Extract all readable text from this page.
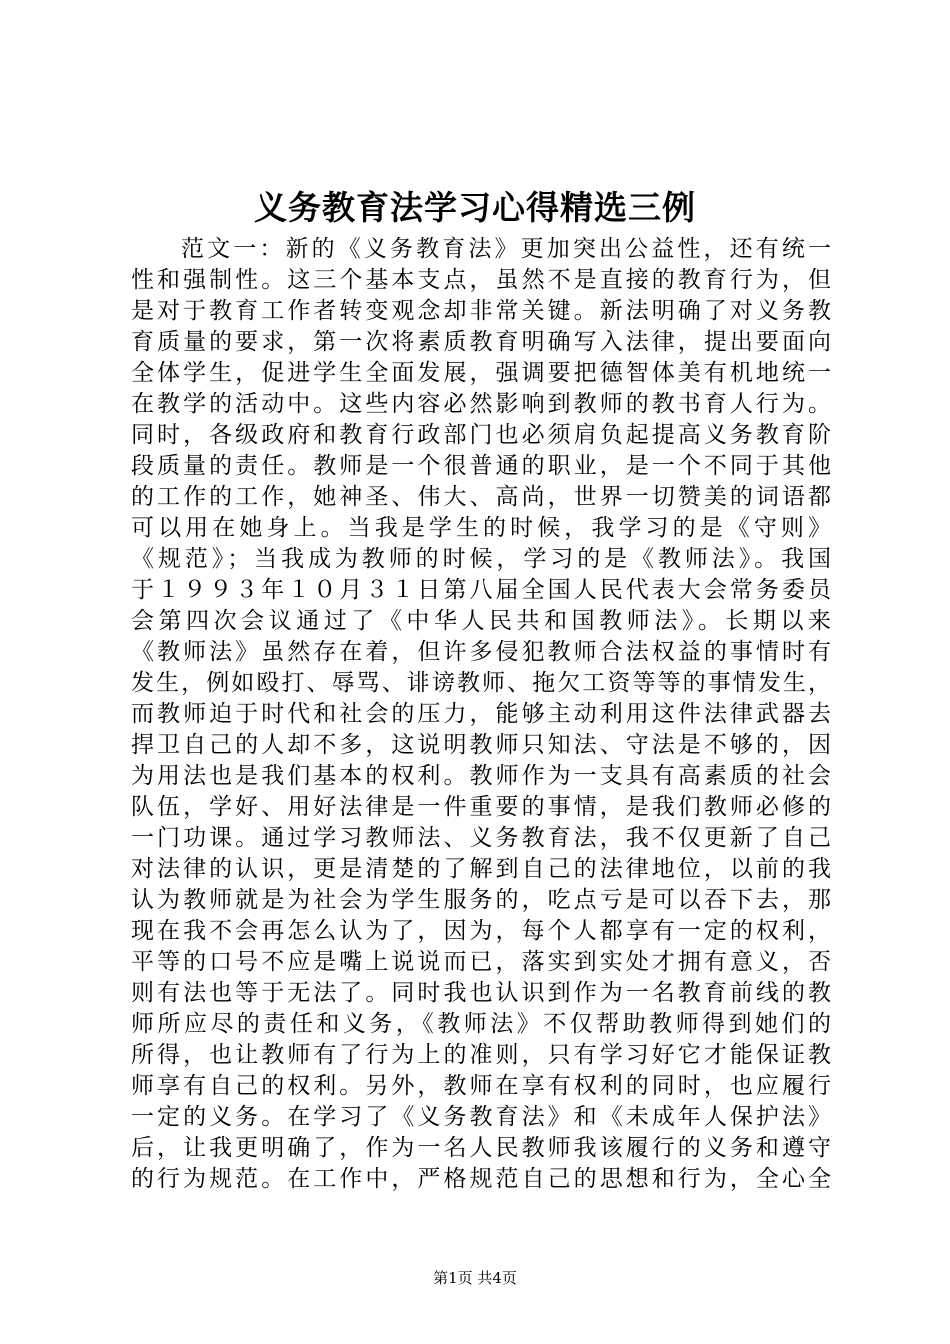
义务教育法学习心得精选三例
范文一：新的《义务教育法》更加突出公益性，还有统一
性和强制性。这三个基本支点，虽然不是直接的教育行为，但
是对于教育工作者转变观念却非常关键。新法明确了对义务教
育质量的要求，第一次将素质教育明确写入法律，提出要面向
全体学生，促进学生全面发展，强调要把德智体美有机地统一
在教学的活动中。这些内容必然影响到教师的教书育人行为。
同时，各级政府和教育行政部门也必须肩负起提高义务教育阶
段质量的责任。教师是一个很普通的职业，是一个不同于其他
的工作的工作，她神圣、伟大、高尚，世界一切赞美的词语都
可以用在她身上。当我是学生的时候，我学习的是《守则》
《规范》；当我成为教师的时候，学习的是《教师法》。我国
于１９９３年１０月３１日第八届全国人民代表大会常务委员
会第四次会议通过了《中华人民共和国教师法》。长期以来
《教师法》虽然存在着，但许多侵犯教师合法权益的事情时有
发生，例如殴打、辱骂、诽谤教师、拖欠工资等等的事情发生，
而教师迫于时代和社会的压力，能够主动利用这件法律武器去
捍卫自己的人却不多，这说明教师只知法、守法是不够的，因
为用法也是我们基本的权利。教师作为一支具有高素质的社会
队伍，学好、用好法律是一件重要的事情，是我们教师必修的
一门功课。通过学习教师法、义务教育法，我不仅更新了自己
对法律的认识，更是清楚的了解到自己的法律地位，以前的我
认为教师就是为社会为学生服务的，吃点亏是可以吞下去，那
现在我不会再怎么认为了，因为，每个人都享有一定的权利，
平等的口号不应是嘴上说说而已，落实到实处才拥有意义，否
则有法也等于无法了。同时我也认识到作为一名教育前线的教
师所应尽的责任和义务，《教师法》不仅帮助教师得到她们的
所得，也让教师有了行为上的准则，只有学习好它才能保证教
师享有自己的权利。另外，教师在享有权利的同时，也应履行
一定的义务。在学习了《义务教育法》和《未成年人保护法》
后，让我更明确了，作为一名人民教师我该履行的义务和遵守
的行为规范。在工作中，严格规范自己的思想和行为，全心全
第1页 共4页
